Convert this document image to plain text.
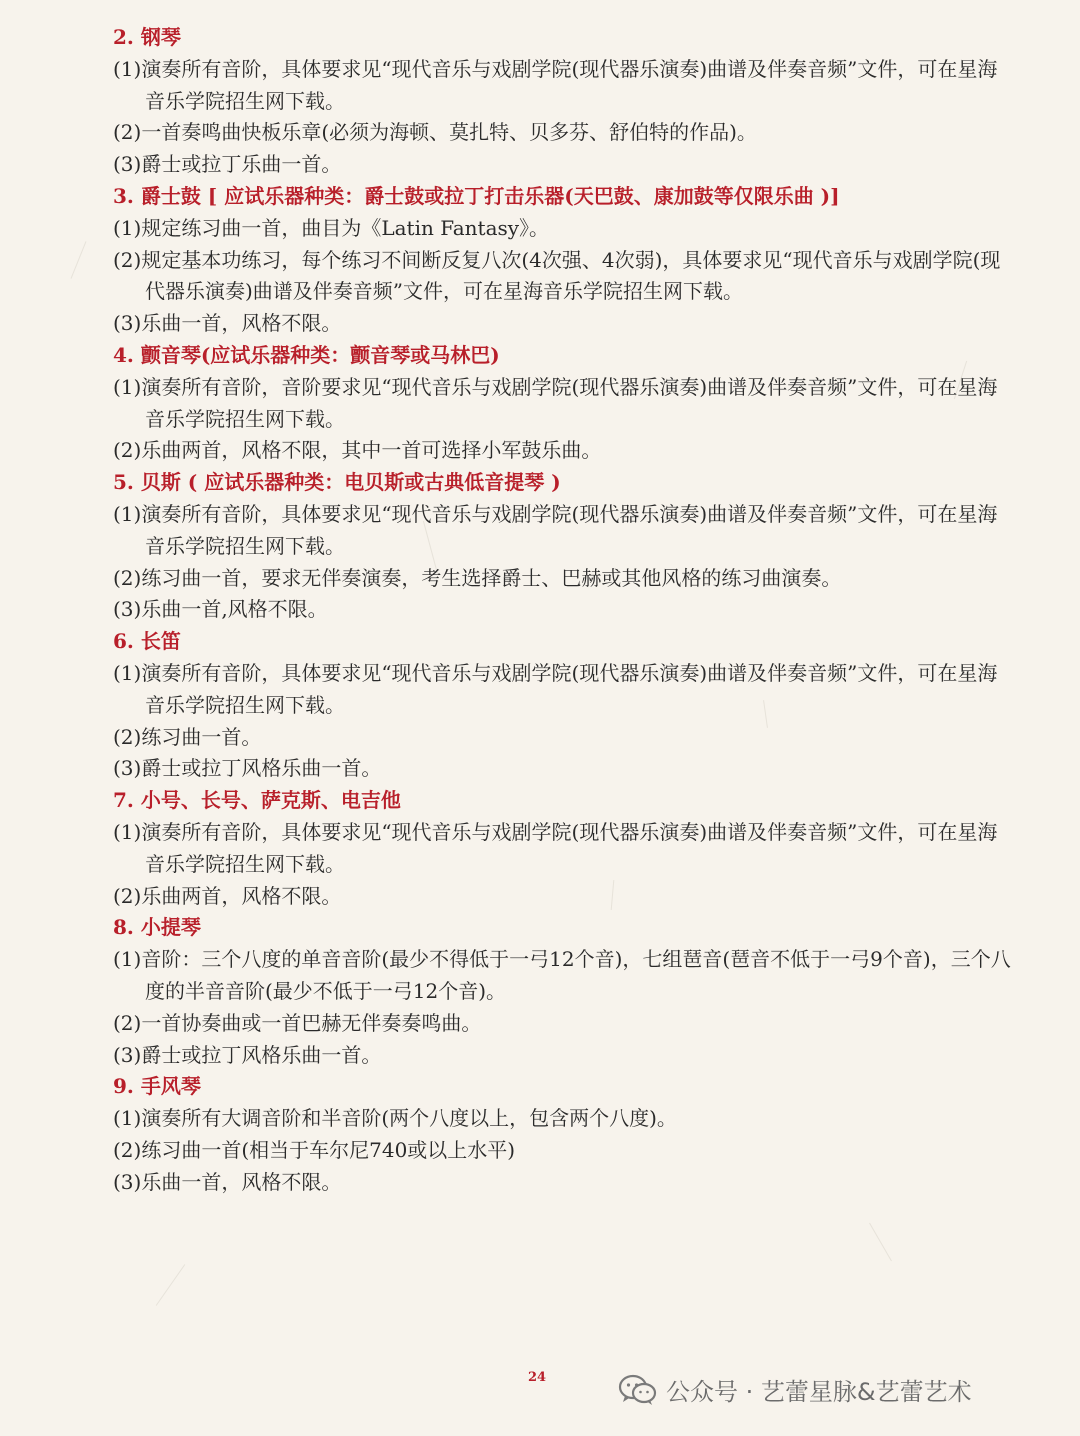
2. 钢琴
(1)演奏所有音阶，具体要求见“现代音乐与戏剧学院(现代器乐演奏)曲谱及伴奏音频”文件，可在星海音乐学院招生网下载。
(2)一首奏鸣曲快板乐章(必须为海顿、莫扎特、贝多芬、舒伯特的作品)。
(3)爵士或拉丁乐曲一首。
3. 爵士鼓 [ 应试乐器种类：爵士鼓或拉丁打击乐器(天巴鼓、康加鼓等仅限乐曲 )]
(1)规定练习曲一首，曲目为《Latin Fantasy》。
(2)规定基本功练习，每个练习不间断反复八次(4次强、4次弱)，具体要求见“现代音乐与戏剧学院(现代器乐演奏)曲谱及伴奏音频”文件，可在星海音乐学院招生网下载。
(3)乐曲一首，风格不限。
4. 颤音琴(应试乐器种类：颤音琴或马林巴)
(1)演奏所有音阶，音阶要求见“现代音乐与戏剧学院(现代器乐演奏)曲谱及伴奏音频”文件，可在星海音乐学院招生网下载。
(2)乐曲两首，风格不限，其中一首可选择小军鼓乐曲。
5. 贝斯 ( 应试乐器种类：电贝斯或古典低音提琴 )
(1)演奏所有音阶，具体要求见“现代音乐与戏剧学院(现代器乐演奏)曲谱及伴奏音频”文件，可在星海音乐学院招生网下载。
(2)练习曲一首，要求无伴奏演奏，考生选择爵士、巴赫或其他风格的练习曲演奏。
(3)乐曲一首,风格不限。
6. 长笛
(1)演奏所有音阶，具体要求见“现代音乐与戏剧学院(现代器乐演奏)曲谱及伴奏音频”文件，可在星海音乐学院招生网下载。
(2)练习曲一首。
(3)爵士或拉丁风格乐曲一首。
7. 小号、长号、萨克斯、电吉他
(1)演奏所有音阶，具体要求见“现代音乐与戏剧学院(现代器乐演奏)曲谱及伴奏音频”文件，可在星海音乐学院招生网下载。
(2)乐曲两首，风格不限。
8. 小提琴
(1)音阶：三个八度的单音音阶(最少不得低于一弓12个音)，七组琶音(琶音不低于一弓9个音)，三个八度的半音音阶(最少不低于一弓12个音)。
(2)一首协奏曲或一首巴赫无伴奏奏鸣曲。
(3)爵士或拉丁风格乐曲一首。
9. 手风琴
(1)演奏所有大调音阶和半音阶(两个八度以上，包含两个八度)。
(2)练习曲一首(相当于车尔尼740或以上水平)
(3)乐曲一首，风格不限。
24
公众号 · 艺蕾星脉&艺蕾艺术
